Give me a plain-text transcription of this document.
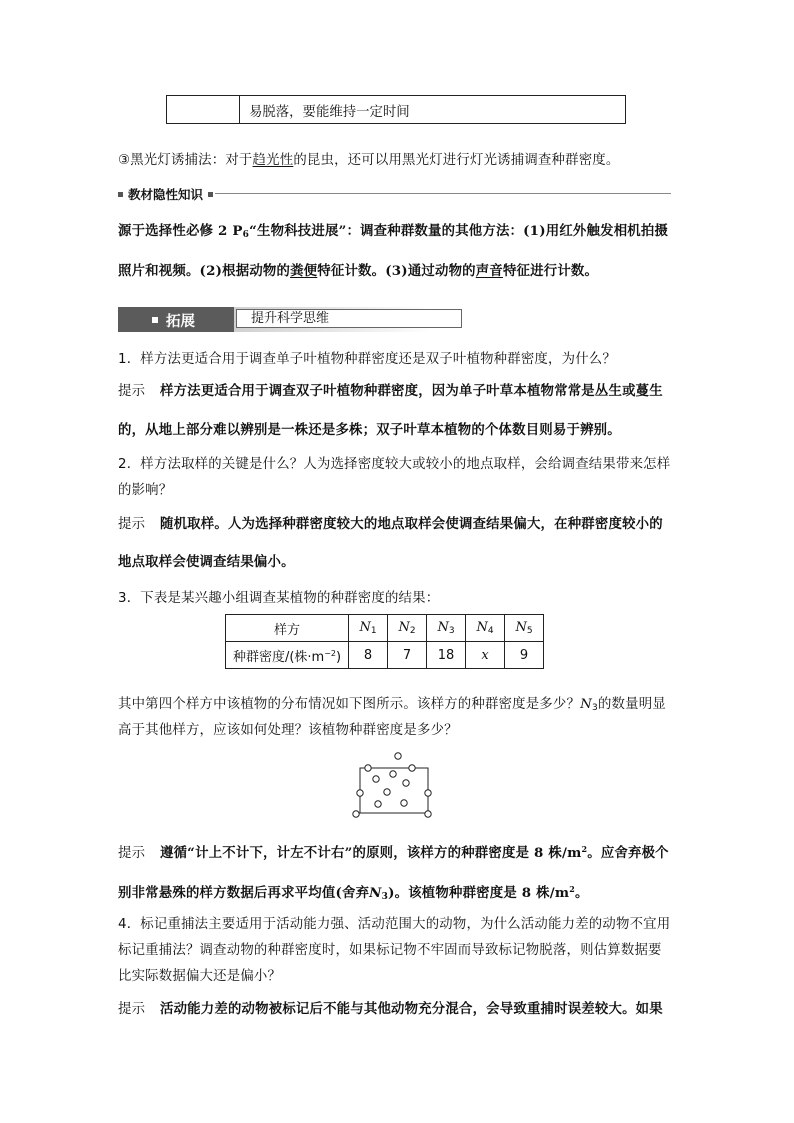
易脱落，要能维持一定时间
③黑光灯诱捕法：对于趋光性的昆虫，还可以用黑光灯进行灯光诱捕调查种群密度。
教材隐性知识
源于选择性必修 2 $P_6“$生物科技进展”：调查种群数量的其他方法：(1)用红外触发相机拍摄
照片和视频。(2)根据动物的粪便特征计数。(3)通过动物的声音特征进行计数。
拓展	提升科学思维
1．样方法更适合用于调查单子叶植物种群密度还是双子叶植物种群密度，为什么？
提示 样方法更适合用于调查双子叶植物种群密度，因为单子叶草本植物常常是丛生或蔓生
的，从地上部分难以辨别是一株还是多株；双子叶草本植物的个体数目则易于辨别。
2．样方法取样的关键是什么？人为选择密度较大或较小的地点取样，会给调查结果带来怎样
的影响？
提示 随机取样。人为选择种群密度较大的地点取样会使调查结果偏大，在种群密度较小的
地点取样会使调查结果偏小。
3．下表是某兴趣小组调查某植物的种群密度的结果：
样方	$N_1$	$N_2$	$N_3$	$N_4$	$N_5$
种群密度/(株$\cdot m^{-2}$)	8	7	18	x	9
其中第四个样方中该植物的分布情况如下图所示。该样方的种群密度是多少？$N_3$的数量明显
高于其他样方，应该如何处理？该植物种群密度是多少？
提示 遵循“计上不计下，计左不计右”的原则，该样方的种群密度是 8 株$/m^2$。应舍弃极个
别非常悬殊的样方数据后再求平均值(舍弃$N_3$)。该植物种群密度是 8 株$/m^2$。
4．标记重捕法主要适用于活动能力强、活动范围大的动物，为什么活动能力差的动物不宜用
标记重捕法？调查动物的种群密度时，如果标记物不牢固而导致标记物脱落，则估算数据要
比实际数据偏大还是偏小？
提示 活动能力差的动物被标记后不能与其他动物充分混合，会导致重捕时误差较大。如果
